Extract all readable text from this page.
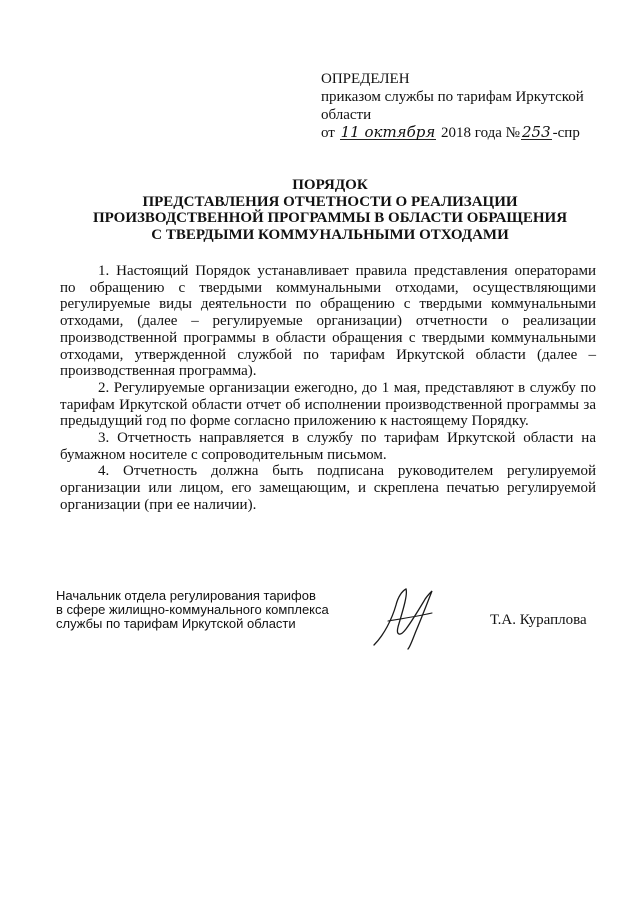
ОПРЕДЕЛЕН
приказом службы по тарифам Иркутской
области
от 11 октября 2018 года № 253 -спр
ПОРЯДОК
ПРЕДСТАВЛЕНИЯ ОТЧЕТНОСТИ О РЕАЛИЗАЦИИ
ПРОИЗВОДСТВЕННОЙ ПРОГРАММЫ В ОБЛАСТИ ОБРАЩЕНИЯ
С ТВЕРДЫМИ КОММУНАЛЬНЫМИ ОТХОДАМИ

1. Настоящий Порядок устанавливает правила представления операторами по обращению с твердыми коммунальными отходами, осуществляющими регулируемые виды деятельности по обращению с твердыми коммунальными отходами, (далее – регулируемые организации) отчетности о реализации производственной программы в области обращения с твердыми коммунальными отходами, утвержденной службой по тарифам Иркутской области (далее – производственная программа).

2. Регулируемые организации ежегодно, до 1 мая, представляют в службу по тарифам Иркутской области отчет об исполнении производственной программы за предыдущий год по форме согласно приложению к настоящему Порядку.

3. Отчетность направляется в службу по тарифам Иркутской области на бумажном носителе с сопроводительным письмом.

4. Отчетность должна быть подписана руководителем регулируемой организации или лицом, его замещающим, и скреплена печатью регулируемой организации (при ее наличии).

Начальник отдела регулирования тарифов
в сфере жилищно-коммунального комплекса
службы по тарифам Иркутской области	Т.А. Кураплова
